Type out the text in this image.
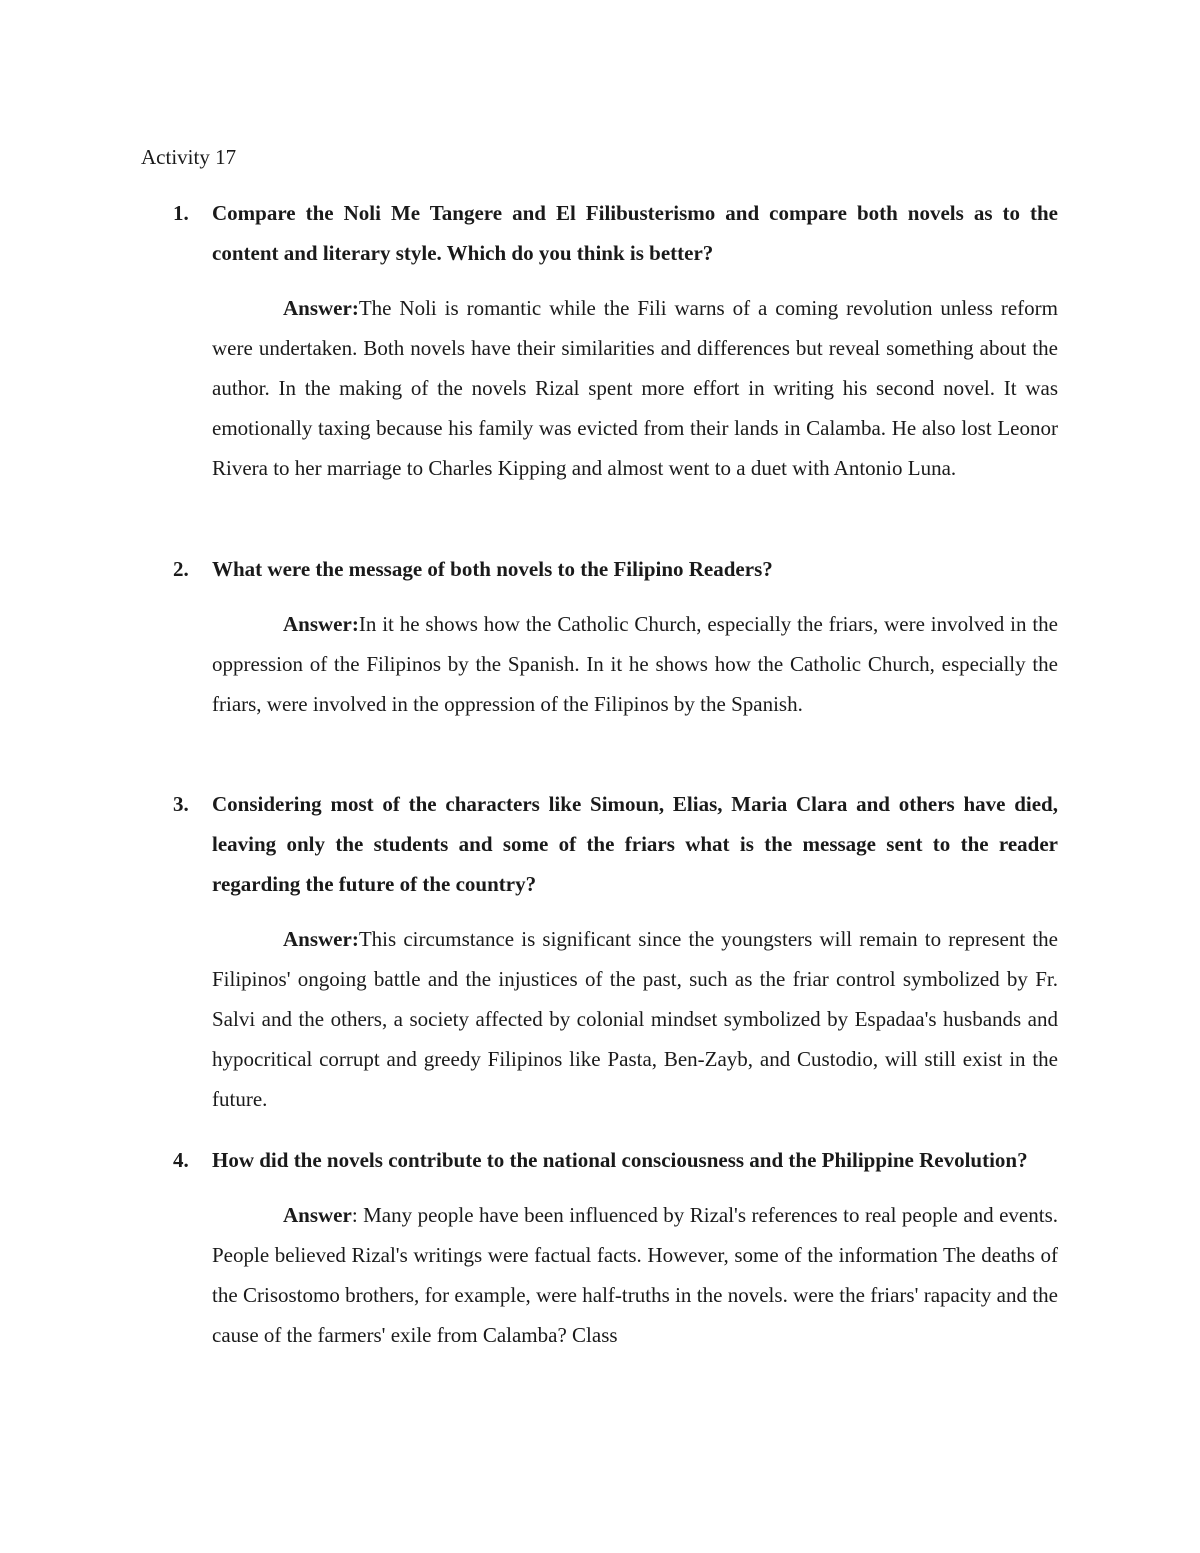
Activity 17
1. Compare the Noli Me Tangere and El Filibusterismo and compare both novels as to the content and literary style. Which do you think is better?
Answer:The Noli is romantic while the Fili warns of a coming revolution unless reform were undertaken. Both novels have their similarities and differences but reveal something about the author. In the making of the novels Rizal spent more effort in writing his second novel. It was emotionally taxing because his family was evicted from their lands in Calamba. He also lost Leonor Rivera to her marriage to Charles Kipping and almost went to a duet with Antonio Luna.
2. What were the message of both novels to the Filipino Readers?
Answer:In it he shows how the Catholic Church, especially the friars, were involved in the oppression of the Filipinos by the Spanish. In it he shows how the Catholic Church, especially the friars, were involved in the oppression of the Filipinos by the Spanish.
3. Considering most of the characters like Simoun, Elias, Maria Clara and others have died, leaving only the students and some of the friars what is the message sent to the reader regarding the future of the country?
Answer:This circumstance is significant since the youngsters will remain to represent the Filipinos' ongoing battle and the injustices of the past, such as the friar control symbolized by Fr. Salvi and the others, a society affected by colonial mindset symbolized by Espadaa's husbands and hypocritical corrupt and greedy Filipinos like Pasta, Ben-Zayb, and Custodio, will still exist in the future.
4. How did the novels contribute to the national consciousness and the Philippine Revolution?
Answer: Many people have been influenced by Rizal's references to real people and events. People believed Rizal's writings were factual facts. However, some of the information The deaths of the Crisostomo brothers, for example, were half-truths in the novels. were the friars' rapacity and the cause of the farmers' exile from Calamba? Class
